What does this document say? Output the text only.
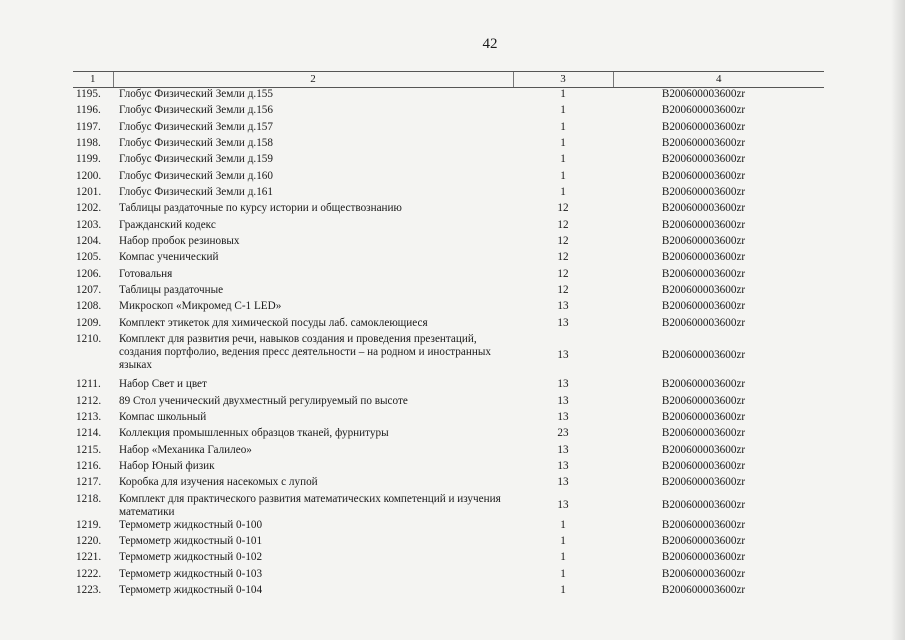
42
1	2	3	4
1195.	Глобус Физический Земли д.155	1	B200600003600zr
1196.	Глобус Физический Земли д.156	1	B200600003600zr
1197.	Глобус Физический Земли д.157	1	B200600003600zr
1198.	Глобус Физический Земли д.158	1	B200600003600zr
1199.	Глобус Физический Земли д.159	1	B200600003600zr
1200.	Глобус Физический Земли д.160	1	B200600003600zr
1201.	Глобус Физический Земли д.161	1	B200600003600zr
1202.	Таблицы раздаточные по курсу истории и обществознанию	12	B200600003600zr
1203.	Гражданский кодекс	12	B200600003600zr
1204.	Набор пробок резиновых	12	B200600003600zr
1205.	Компас ученический	12	B200600003600zr
1206.	Готовальня	12	B200600003600zr
1207.	Таблицы раздаточные	12	B200600003600zr
1208.	Микроскоп «Микромед С-1 LED»	13	B200600003600zr
1209.	Комплект этикеток для химической посуды лаб. самоклеющиеся	13	B200600003600zr
1210.	Комплект для развития речи, навыков создания и проведения презентаций, создания портфолио, ведения пресс деятельности – на родном и иностранных языках	13	B200600003600zr
1211.	Набор Свет и цвет	13	B200600003600zr
1212.	89 Стол ученический двухместный регулируемый по высоте	13	B200600003600zr
1213.	Компас школьный	13	B200600003600zr
1214.	Коллекция промышленных образцов тканей, фурнитуры	23	B200600003600zr
1215.	Набор «Механика Галилео»	13	B200600003600zr
1216.	Набор Юный физик	13	B200600003600zr
1217.	Коробка для изучения насекомых с лупой	13	B200600003600zr
1218.	Комплект для практического развития математических компетенций и изучения математики	13	B200600003600zr
1219.	Термометр жидкостный 0-100	1	B200600003600zr
1220.	Термометр жидкостный 0-101	1	B200600003600zr
1221.	Термометр жидкостный 0-102	1	B200600003600zr
1222.	Термометр жидкостный 0-103	1	B200600003600zr
1223.	Термометр жидкостный 0-104	1	B200600003600zr
